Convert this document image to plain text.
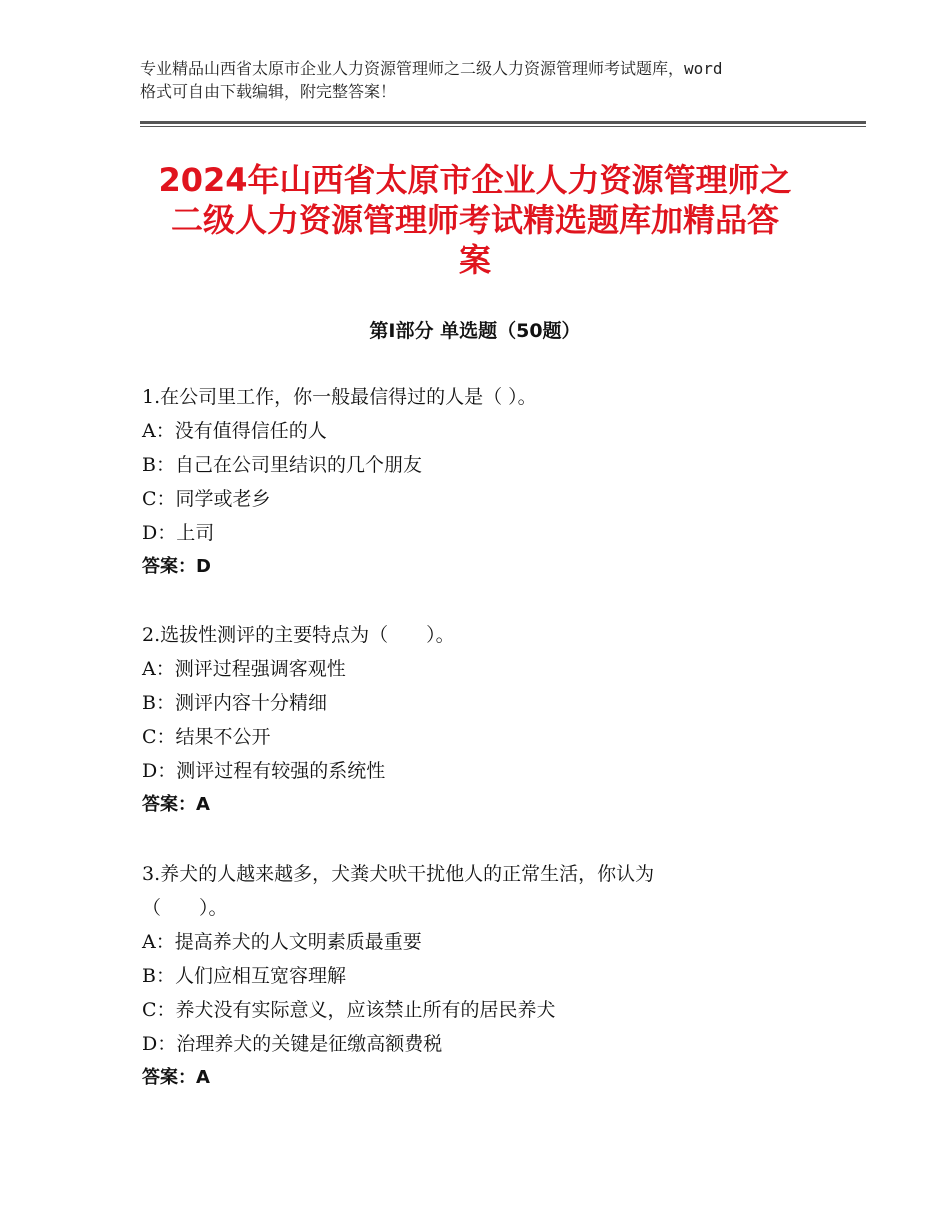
专业精品山西省太原市企业人力资源管理师之二级人力资源管理师考试题库，word
格式可自由下载编辑，附完整答案！
2024年山西省太原市企业人力资源管理师之
二级人力资源管理师考试精选题库加精品答
案
第Ⅰ部分 单选题（50题）
1.在公司里工作，你一般最信得过的人是（ ）。
A：没有值得信任的人
B：自己在公司里结识的几个朋友
C：同学或老乡
D：上司
答案：D
2.选拔性测评的主要特点为（　　）。
A：测评过程强调客观性
B：测评内容十分精细
C：结果不公开
D：测评过程有较强的系统性
答案：A
3.养犬的人越来越多，犬粪犬吠干扰他人的正常生活，你认为
（　　）。
A：提高养犬的人文明素质最重要
B：人们应相互宽容理解
C：养犬没有实际意义，应该禁止所有的居民养犬
D：治理养犬的关键是征缴高额费税
答案：A
